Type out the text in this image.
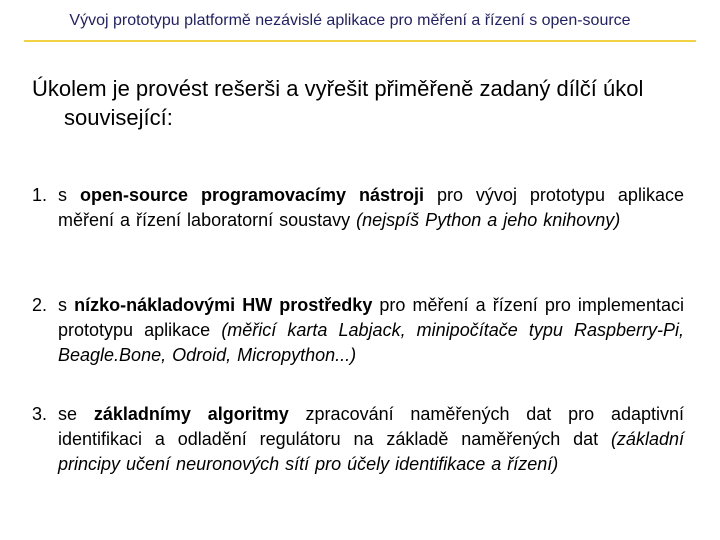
Vývoj prototypu platformě nezávislé aplikace pro měření a řízení s open-source

Úkolem je provést rešerši a vyřešit přiměřeně zadaný dílčí úkol související:

1. s open-source programovacímy nástroji pro vývoj prototypu aplikace měření a řízení laboratorní soustavy (nejspíš Python a jeho knihovny)
2. s nízko-nákladovými HW prostředky pro měření a řízení pro implementaci prototypu aplikace (měřicí karta Labjack, minipočítače typu Raspberry-Pi, Beagle.Bone, Odroid, Micropython...)
3. se základnímy algoritmy zpracování naměřených dat pro adaptivní identifikaci a odladění regulátoru na základě naměřených dat (základní principy učení neuronových sítí pro účely identifikace a řízení)
